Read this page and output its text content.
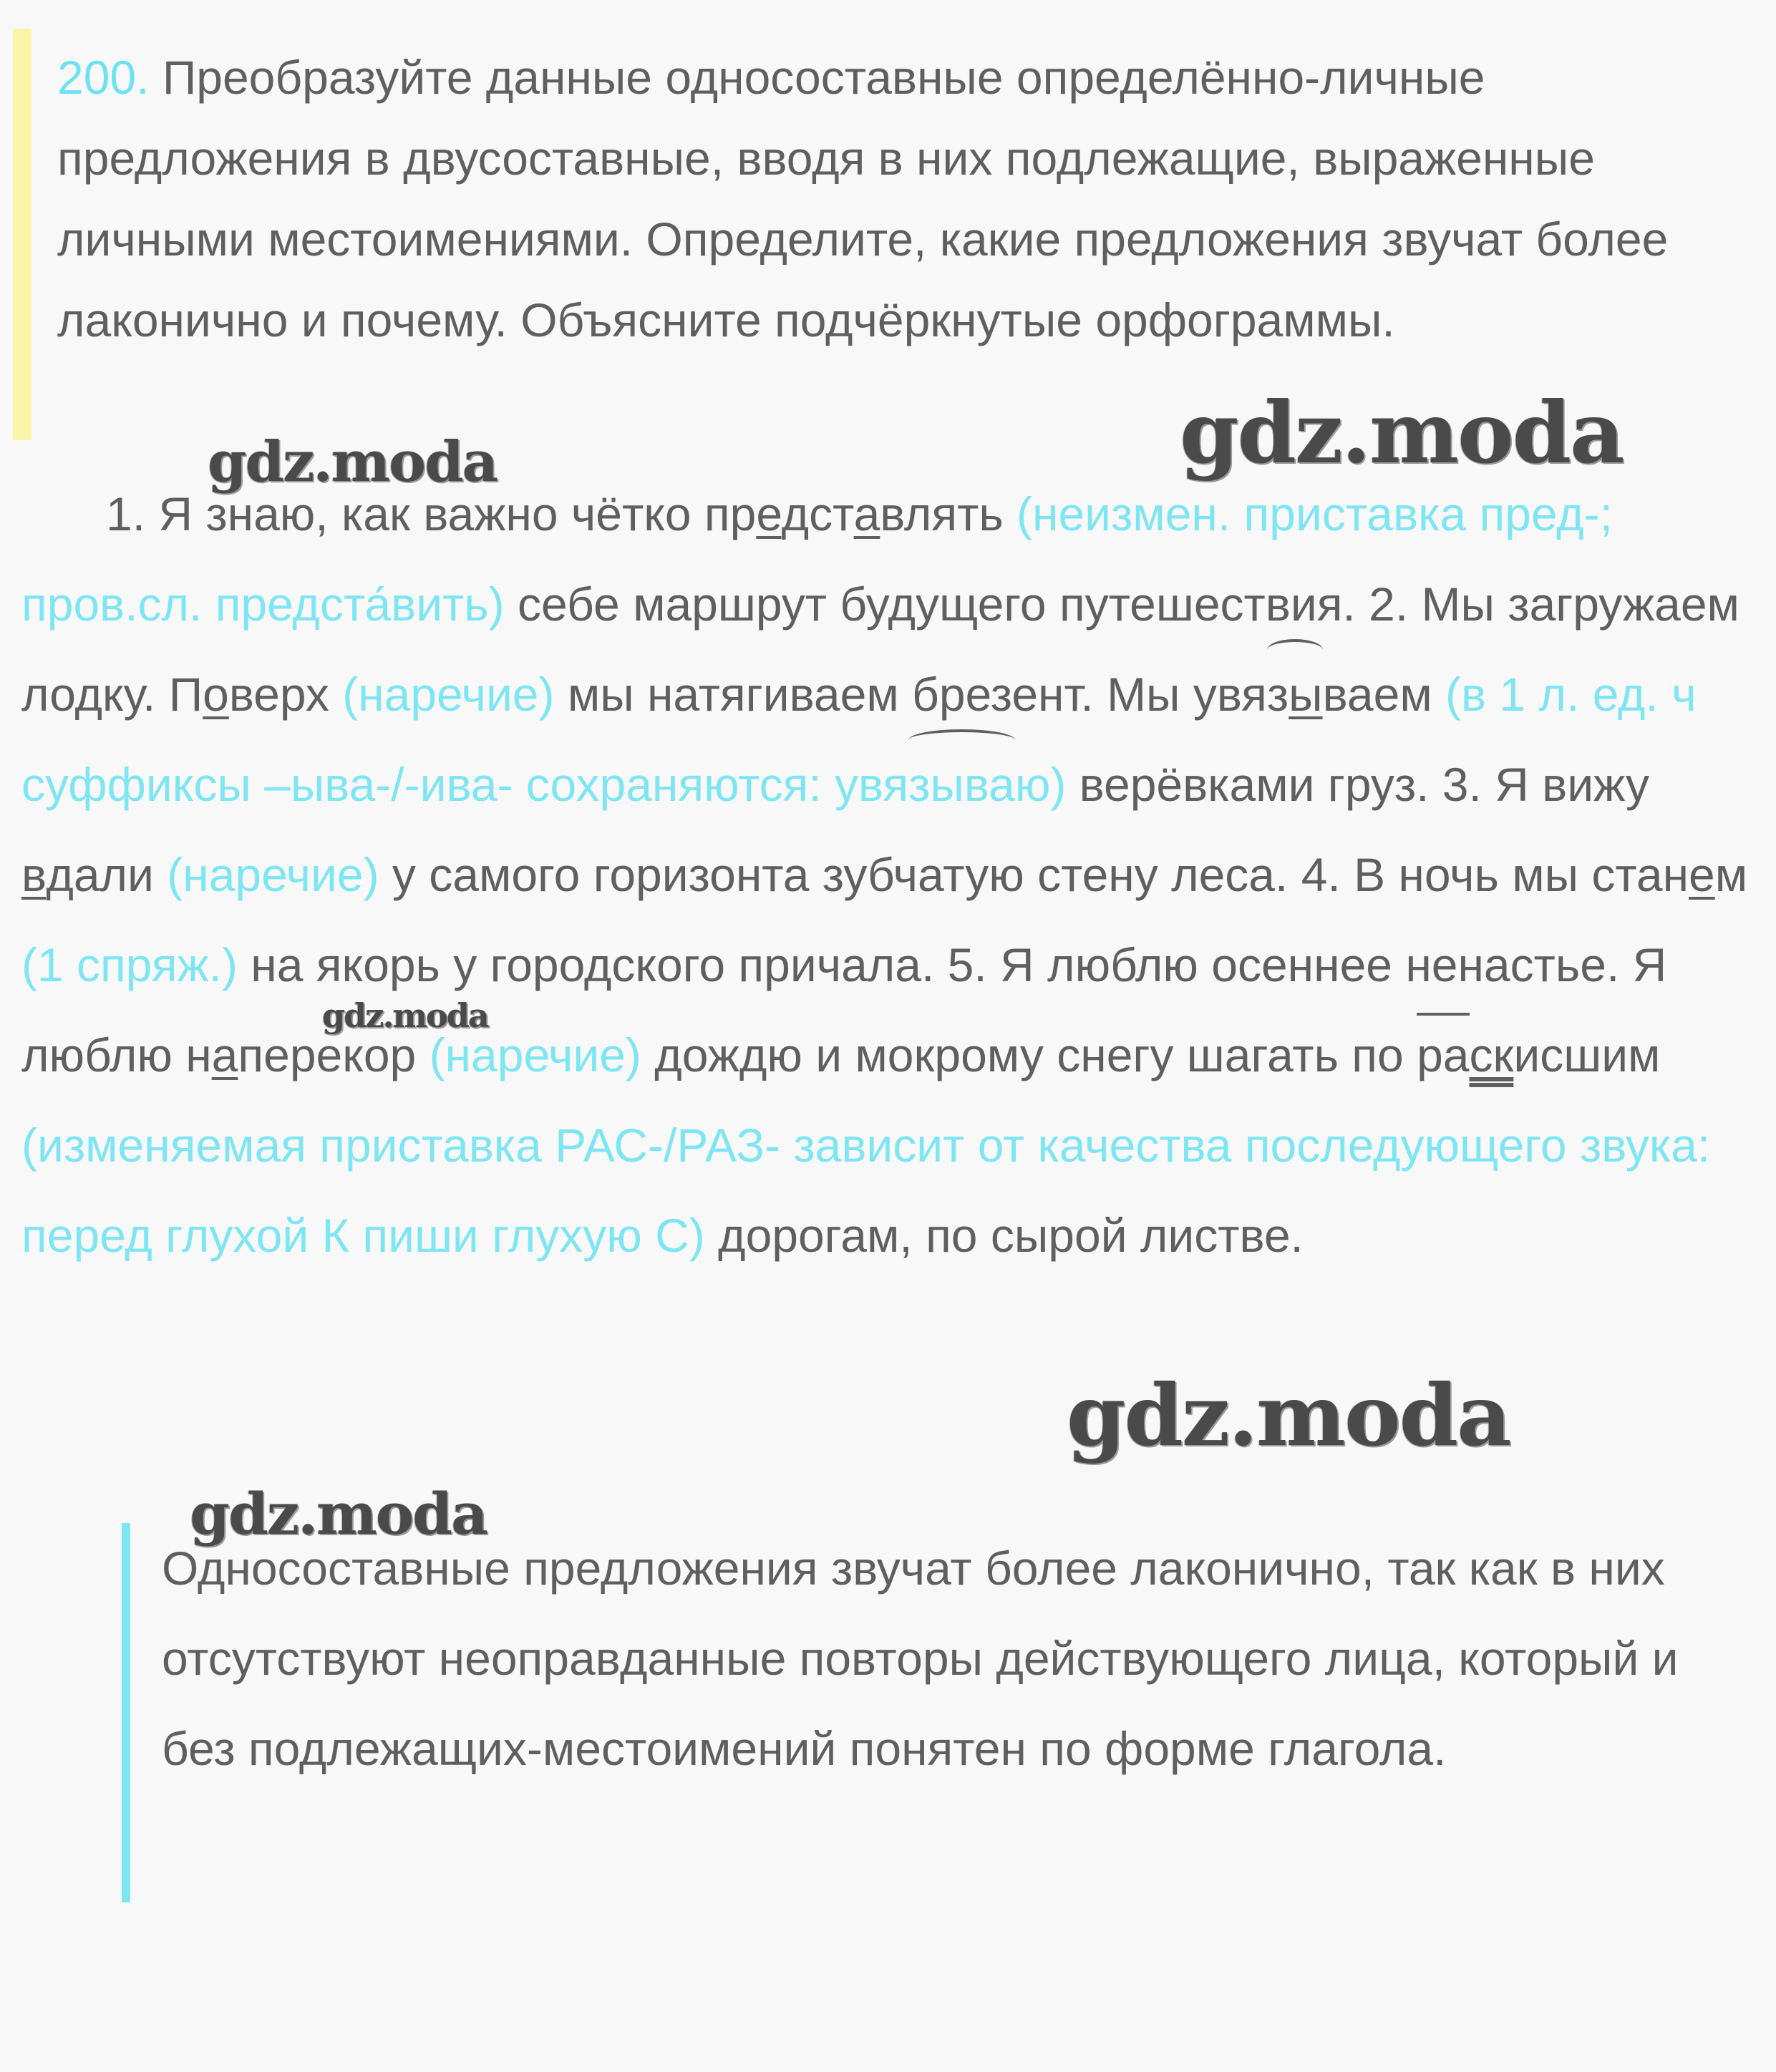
200. Преобразуйте данные односоставные определённо-личные предложения в двусоставные, вводя в них подлежащие, выраженные личными местоимениями. Определите, какие предложения звучат более лаконично и почему. Объясните подчёркнутые орфограммы.

1. Я знаю, как важно чётко представлять (неизмен. приставка пред-; пров.сл. предста́вить) себе маршрут будущего путешествия. 2. Мы загружаем лодку. Поверх (наречие) мы натягиваем брезент. Мы увязываем (в 1 л. ед. ч суффиксы –ыва-/-ива- сохраняются: увязываю) верёвками груз. 3. Я вижу вдали (наречие) у самого горизонта зубчатую стену леса. 4. В ночь мы станем (1 спряж.) на якорь у городского причала. 5. Я люблю осеннее ненастье. Я люблю наперекор (наречие) дождю и мокрому снегу шагать по раскисшим (изменяемая приставка РАС-/РАЗ- зависит от качества последующего звука: перед глухой К пиши глухую С) дорогам, по сырой листве.
Односоставные предложения звучат более лаконично, так как в них отсутствуют неоправданные повторы действующего лица, который и без подлежащих-местоимений понятен по форме глагола.
gdz.moda
gdz.moda
gdz.moda
gdz.moda
gdz.moda
